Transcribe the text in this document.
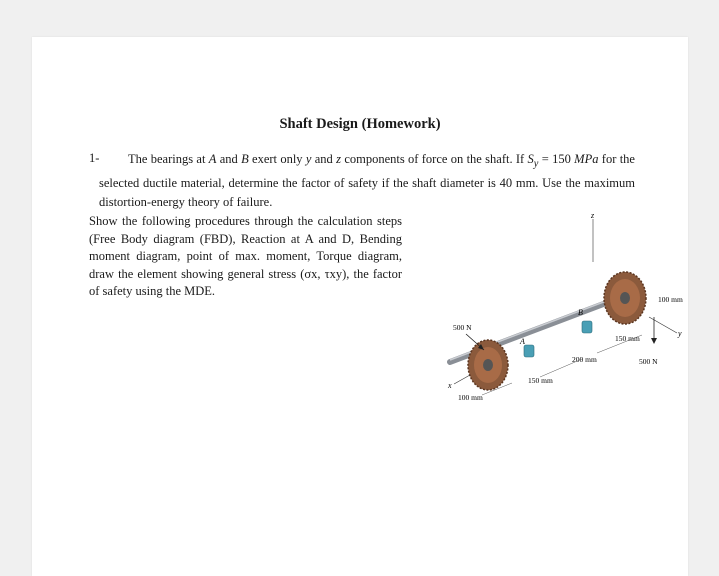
Shaft Design (Homework)
1-	The bearings at A and B exert only y and z components of force on the shaft. If $S_y = 150$ MPa for the selected ductile material, determine the factor of safety if the shaft diameter is 40 mm. Use the maximum distortion-energy theory of failure.
Show the following procedures through the calculation steps (Free Body diagram (FBD), Reaction at A and D, Bending moment diagram, point of max. moment, Torque diagram, draw the element showing general stress (σx, τxy), the factor of safety using the MDE.
z
A
B
y
x
500 N
500 N
100 mm
150 mm
200 mm
150 mm
100 mm
